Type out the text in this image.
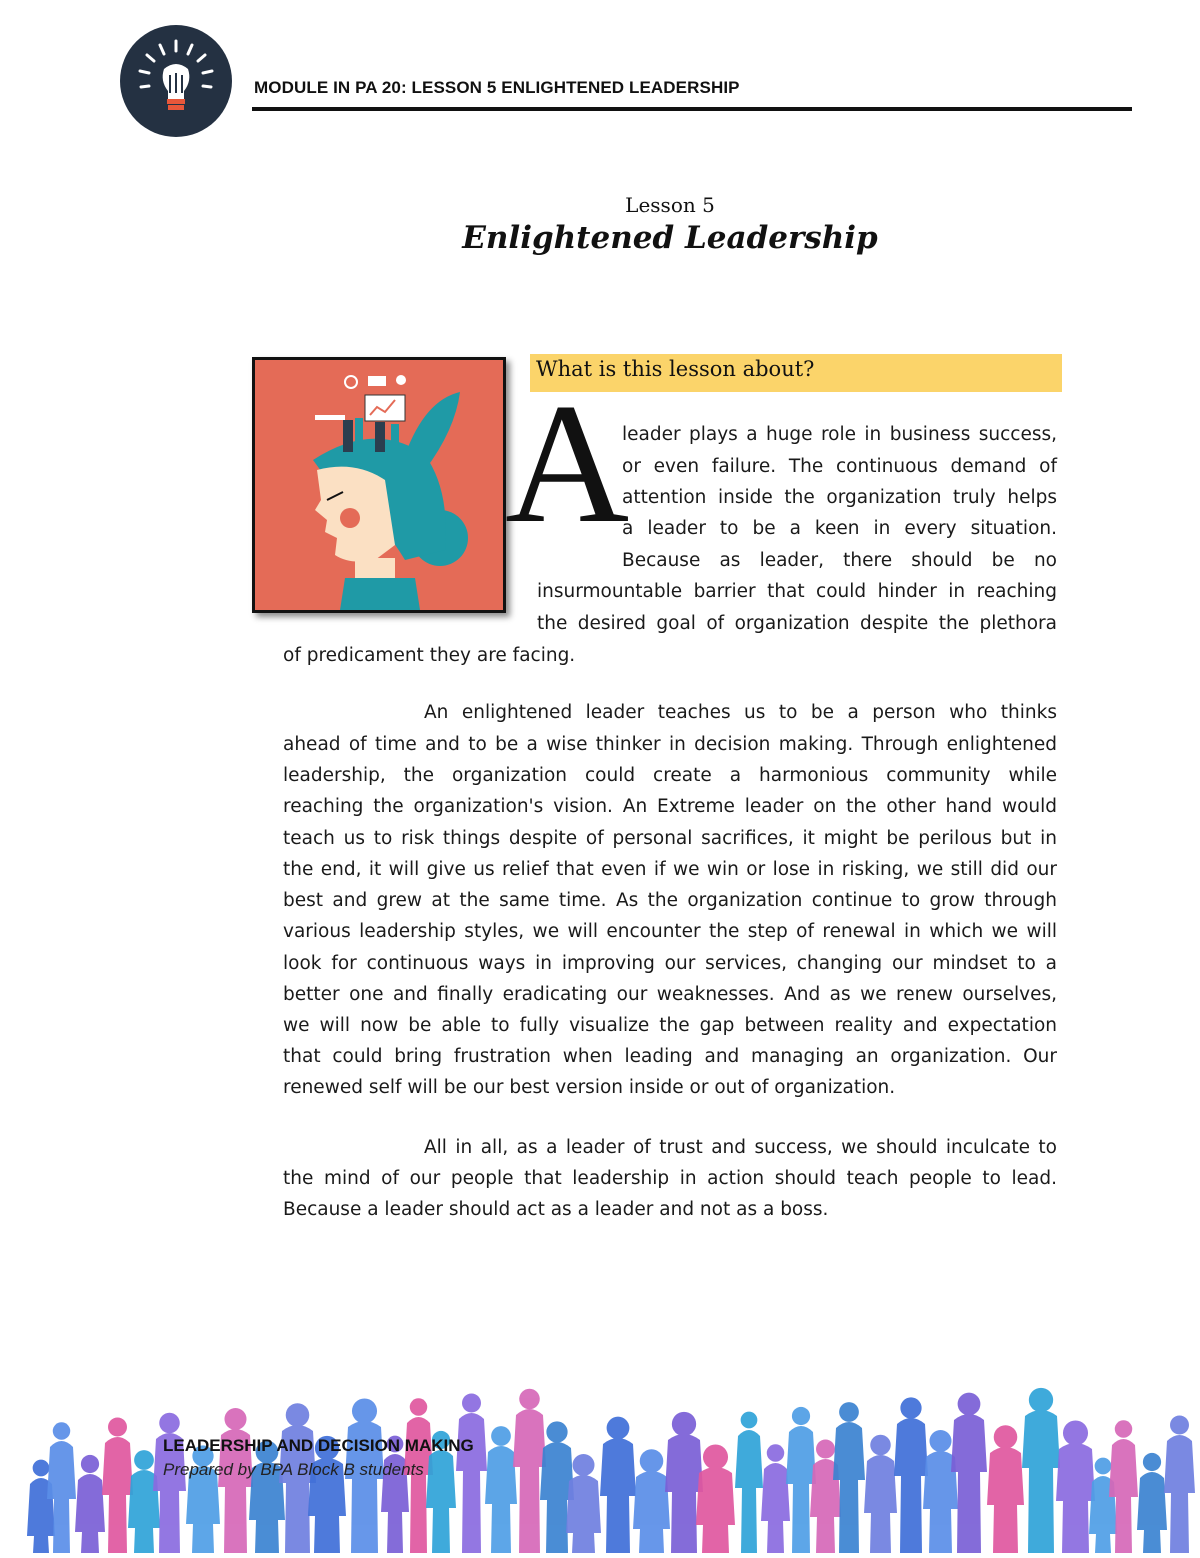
MODULE IN PA 20: LESSON 5 ENLIGHTENED LEADERSHIP
Lesson 5
Enlightened Leadership
What is this lesson about?
A
leader plays a huge role in business success,
or even failure. The continuous demand of
attention inside the organization truly helps
a leader to be a keen in every situation.
Because as leader, there should be no
insurmountable barrier that could hinder in reaching
the desired goal of organization despite the plethora
of predicament they are facing.
An enlightened leader teaches us to be a person who thinks
ahead of time and to be a wise thinker in decision making. Through enlightened
leadership, the organization could create a harmonious community while
reaching the organization's vision. An Extreme leader on the other hand would
teach us to risk things despite of personal sacrifices, it might be perilous but in
the end, it will give us relief that even if we win or lose in risking, we still did our
best and grew at the same time. As the organization continue to grow through
various leadership styles, we will encounter the step of renewal in which we will
look for continuous ways in improving our services, changing our mindset to a
better one and finally eradicating our weaknesses. And as we renew ourselves,
we will now be able to fully visualize the gap between reality and expectation
that could bring frustration when leading and managing an organization. Our
renewed self will be our best version inside or out of organization.
All in all, as a leader of trust and success, we should inculcate to
the mind of our people that leadership in action should teach people to lead.
Because a leader should act as a leader and not as a boss.
LEADERSHIP AND DECISION MAKING
Prepared by BPA Block B students
